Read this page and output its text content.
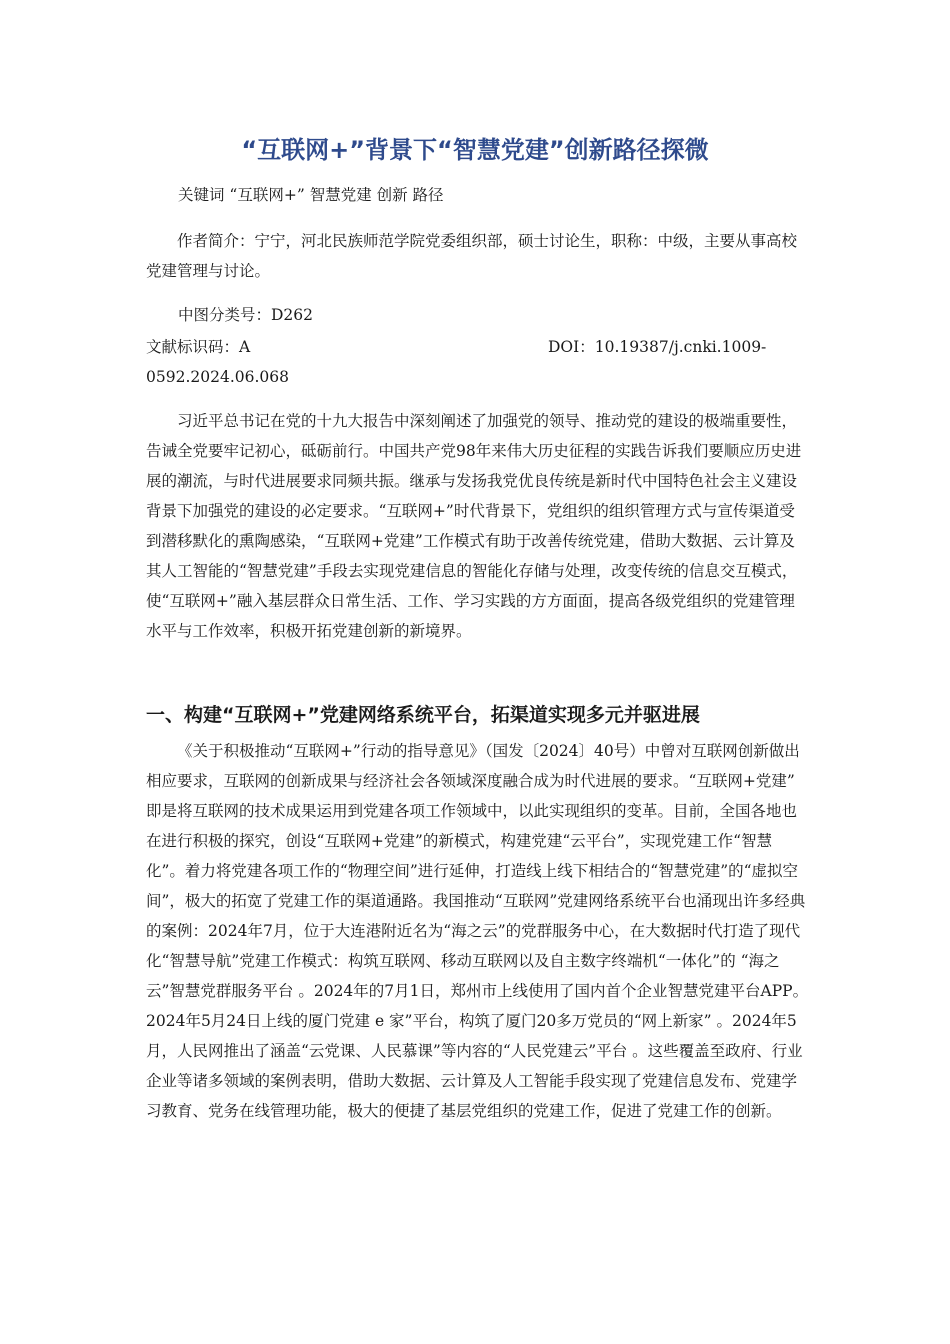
“互联网+”背景下“智慧党建”创新路径探微
关键词 “互联网+” 智慧党建 创新 路径

作者简介：宁宁，河北民族师范学院党委组织部，硕士讨论生，职称：中级，主要从事高校党建管理与讨论。

中图分类号：D262
文献标识码：A	DOI：10.19387/j.cnki.1009-
0592.2024.06.068

习近平总书记在党的十九大报告中深刻阐述了加强党的领导、推动党的建设的极端重要性，告诫全党要牢记初心，砥砺前行。中国共产党98年来伟大历史征程的实践告诉我们要顺应历史进展的潮流，与时代进展要求同频共振。继承与发扬我党优良传统是新时代中国特色社会主义建设背景下加强党的建设的必定要求。“互联网+”时代背景下，党组织的组织管理方式与宣传渠道受到潜移默化的熏陶感染，“互联网+党建”工作模式有助于改善传统党建，借助大数据、云计算及其人工智能的“智慧党建”手段去实现党建信息的智能化存储与处理，改变传统的信息交互模式，使“互联网+”融入基层群众日常生活、工作、学习实践的方方面面，提高各级党组织的党建管理水平与工作效率，积极开拓党建创新的新境界。

一、构建“互联网+”党建网络系统平台，拓渠道实现多元并驱进展

《关于积极推动“互联网+”行动的指导意见》（国发〔2024〕40号）中曾对互联网创新做出相应要求，互联网的创新成果与经济社会各领域深度融合成为时代进展的要求。“互联网+党建” 即是将互联网的技术成果运用到党建各项工作领域中，以此实现组织的变革。目前，全国各地也在进行积极的探究，创设“互联网+党建”的新模式，构建党建“云平台”，实现党建工作“智慧化”。着力将党建各项工作的“物理空间”进行延伸，打造线上线下相结合的“智慧党建”的“虚拟空间”，极大的拓宽了党建工作的渠道通路。我国推动“互联网”党建网络系统平台也涌现出许多经典的案例：2024年7月，位于大连港附近名为“海之云”的党群服务中心，在大数据时代打造了现代化“智慧导航”党建工作模式：构筑互联网、移动互联网以及自主数字终端机“一体化”的 “海之云”智慧党群服务平台 。2024年的7月1日，郑州市上线使用了国内首个企业智慧党建平台APP。2024年5月24日上线的厦门党建 e 家”平台，构筑了厦门20多万党员的“网上新家” 。2024年5月，人民网推出了涵盖“云党课、人民慕课”等内容的“人民党建云”平台 。这些覆盖至政府、行业企业等诸多领域的案例表明，借助大数据、云计算及人工智能手段实现了党建信息发布、党建学习教育、党务在线管理功能，极大的便捷了基层党组织的党建工作，促进了党建工作的创新。
